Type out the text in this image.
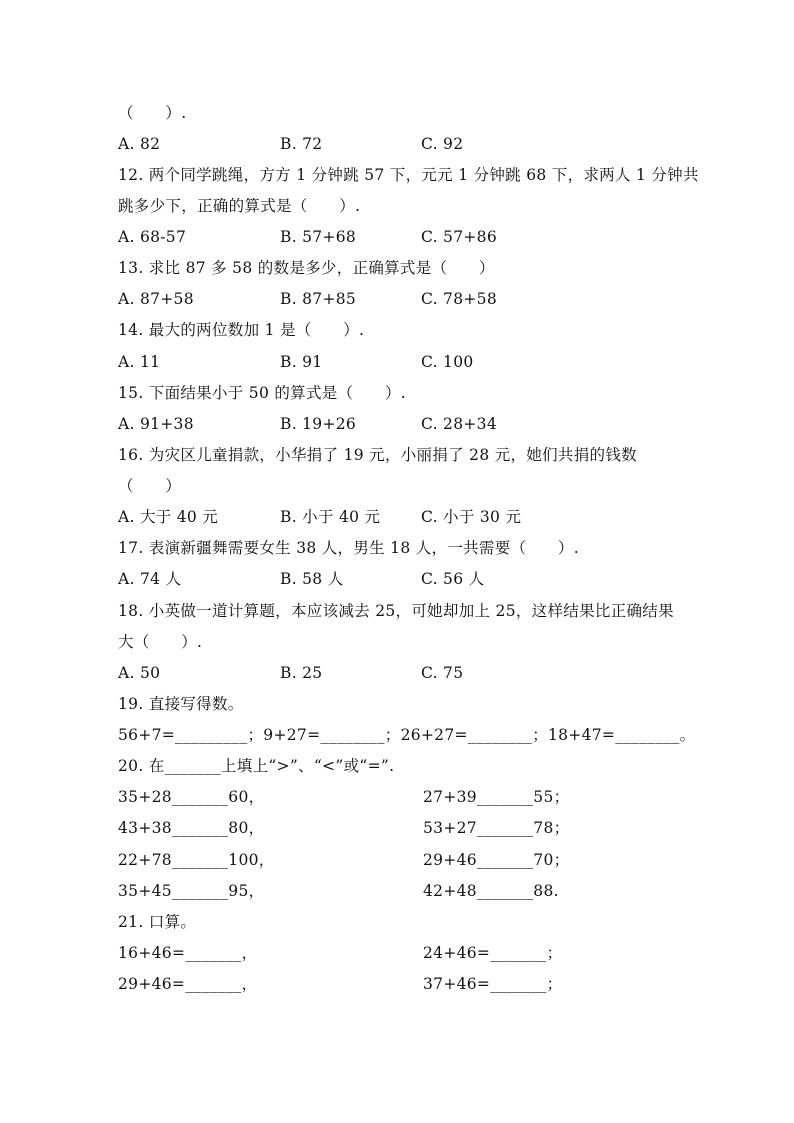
（　　）.
A. 82	B. 72	C. 92
12. 两个同学跳绳，方方 1 分钟跳 57 下，元元 1 分钟跳 68 下，求两人 1 分钟共
跳多少下，正确的算式是（　　）.
A. 68-57	B. 57+68	C. 57+86
13. 求比 87 多 58 的数是多少，正确算式是（　　）
A. 87+58	B. 87+85	C. 78+58
14. 最大的两位数加 1 是（　　）.
A. 11	B. 91	C. 100
15. 下面结果小于 50 的算式是（　　）.
A. 91+38	B. 19+26	C. 28+34
16. 为灾区儿童捐款，小华捐了 19 元，小丽捐了 28 元，她们共捐的钱数
（　　）
A. 大于 40 元	B. 小于 40 元	C. 小于 30 元
17. 表演新疆舞需要女生 38 人，男生 18 人，一共需要（　　）.
A. 74 人	B. 58 人	C. 56 人
18. 小英做一道计算题，本应该减去 25，可她却加上 25，这样结果比正确结果
大（　　）.
A. 50	B. 25	C. 75
19. 直接写得数。
56+7=_________；9+27=________；26+27=________；18+47=________。
20. 在_______上填上“>”、“<”或“=”.
35+28_______60，	27+39_______55；
43+38_______80，	53+27_______78；
22+78_______100，	29+46_______70；
35+45_______95，	42+48_______88.
21. 口算。
16+46=_______，	24+46=_______；
29+46=_______，	37+46=_______；
